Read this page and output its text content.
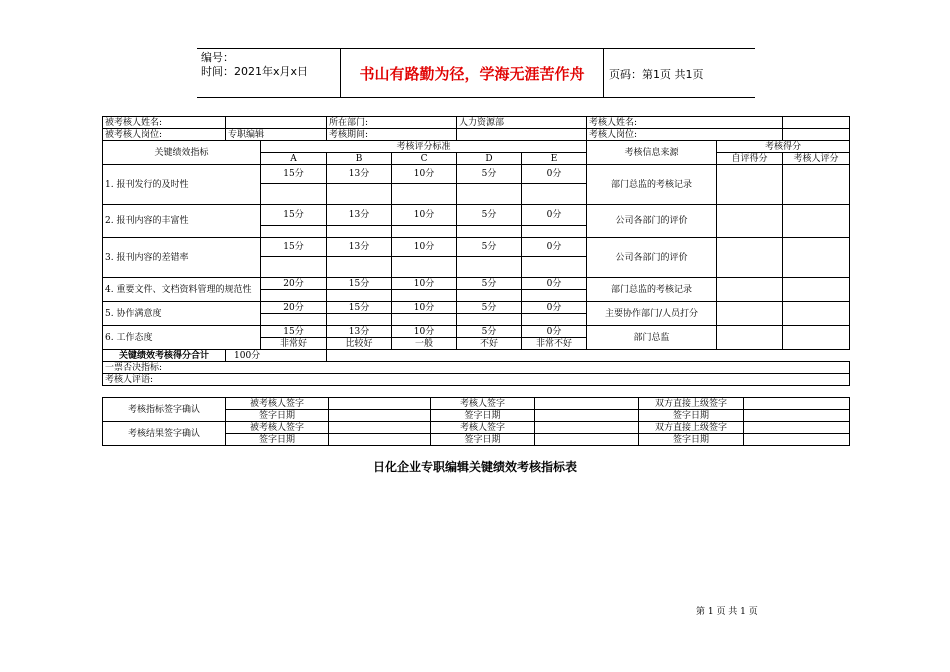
编号：
时间：2021年x月x日	书山有路勤为径，学海无涯苦作舟	页码：第1页 共1页
被考核人姓名:			所在部门:		人力资源部		考核人姓名:		
被考核人岗位:	专职编辑		考核期间:				考核人岗位:		
关键绩效指标		考核评分标准					考核信息来源	考核得分	
		A	B	C	D	E		自评得分	考核人评分
1. 报刊发行的及时性		15分	13分	10分	5分	0分	部门总监的考核记录		

2. 报刊内容的丰富性		15分	13分	10分	5分	0分	公司各部门的评价		

3. 报刊内容的差错率		15分	13分	10分	5分	0分	公司各部门的评价		

4. 重要文件、文档资料管理的规范性		20分	15分	10分	5分	0分	部门总监的考核记录		

5. 协作满意度		20分	15分	10分	5分	0分	主要协作部门/人员打分		

6. 工作态度		15分	13分	10分	5分	0分	部门总监		
		非常好	比较好	一般	不好	非常不好			
关键绩效考核得分合计	100分								
一票否决指标:									
考核人评语:									
考核指标签字确认	被考核人签字		考核人签字		双方直接上级签字	
	签字日期		签字日期		签字日期	
考核结果签字确认	被考核人签字		考核人签字		双方直接上级签字	
	签字日期		签字日期		签字日期	
日化企业专职编辑关键绩效考核指标表
第 1 页 共 1 页
